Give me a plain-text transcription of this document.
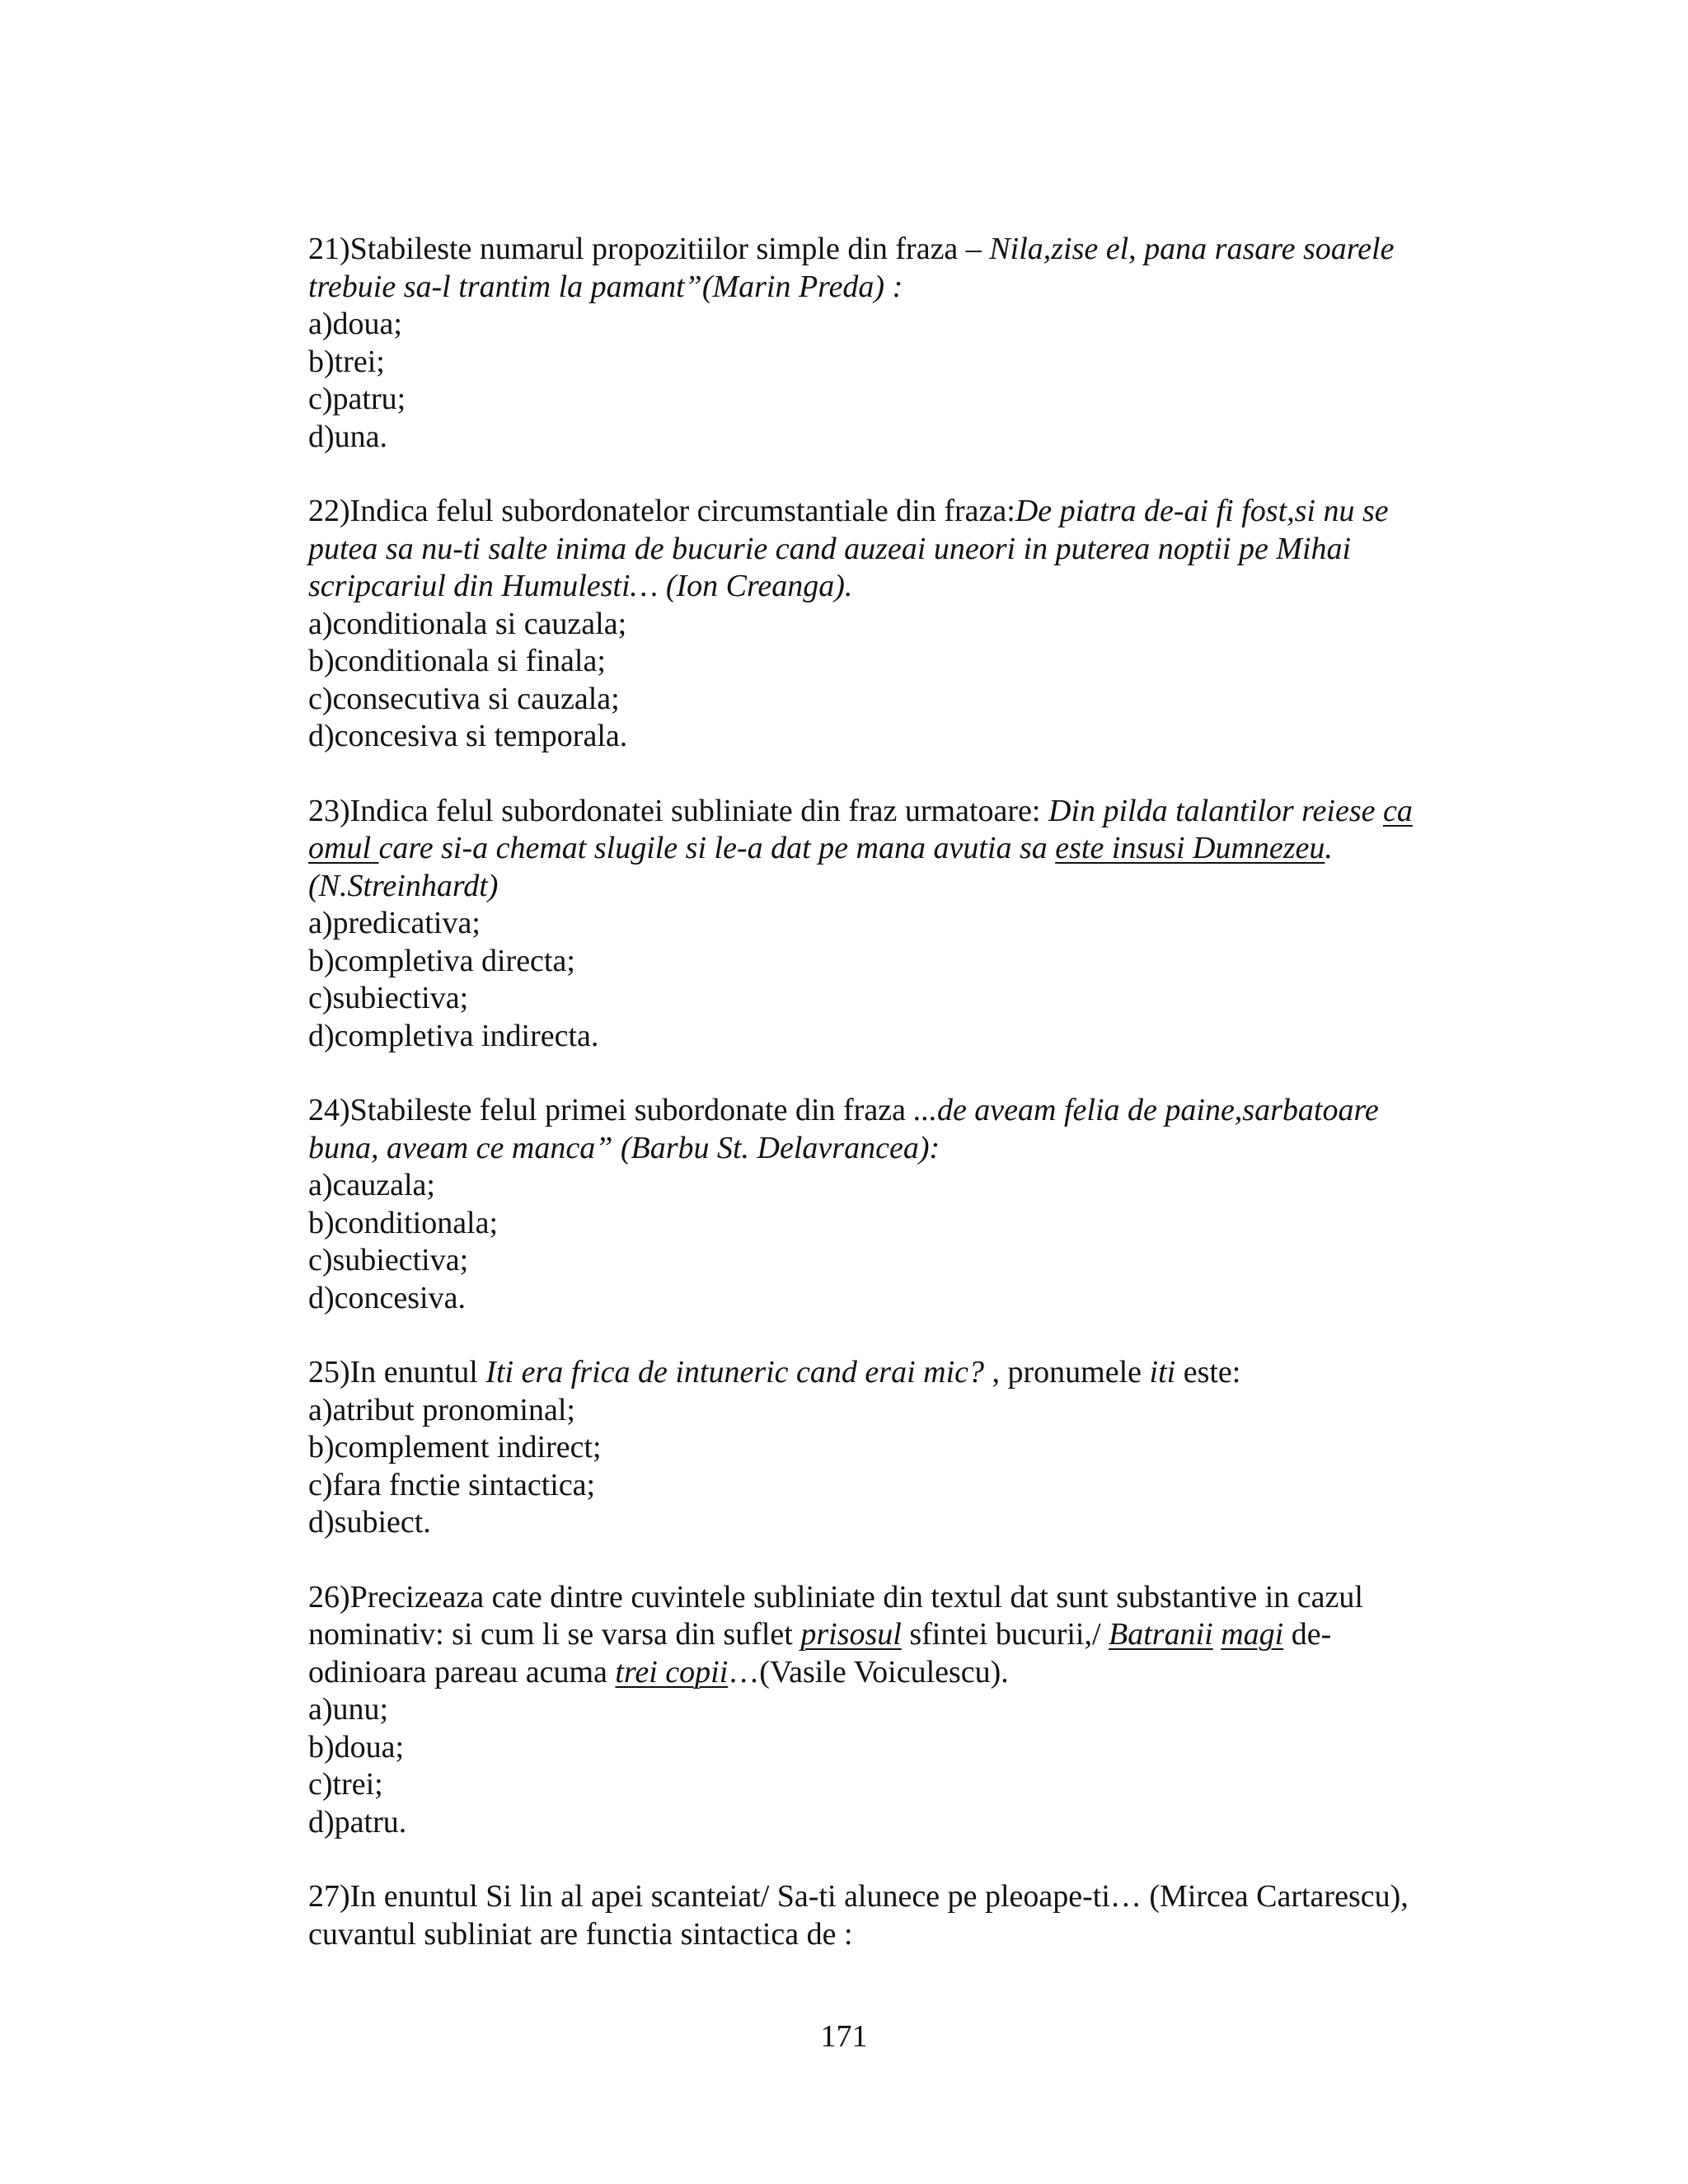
21)Stabileste numarul propozitiilor simple din fraza – Nila,zise el, pana rasare soarele
trebuie sa-l trantim la pamant”(Marin Preda) :
a)doua;
b)trei;
c)patru;
d)una.
22)Indica felul subordonatelor circumstantiale din fraza:De piatra de-ai fi fost,si nu se
putea sa nu-ti salte inima de bucurie cand auzeai uneori in puterea noptii pe Mihai
scripcariul din Humulesti… (Ion Creanga).
a)conditionala si cauzala;
b)conditionala si finala;
c)consecutiva si cauzala;
d)concesiva si temporala.
23)Indica felul subordonatei subliniate din fraz urmatoare: Din pilda talantilor reiese ca
omul care si-a chemat slugile si le-a dat pe mana avutia sa este insusi Dumnezeu.
(N.Streinhardt)
a)predicativa;
b)completiva directa;
c)subiectiva;
d)completiva indirecta.
24)Stabileste felul primei subordonate din fraza ...de aveam felia de paine,sarbatoare
buna, aveam ce manca” (Barbu St. Delavrancea):
a)cauzala;
b)conditionala;
c)subiectiva;
d)concesiva.
25)In enuntul Iti era frica de intuneric cand erai mic? , pronumele iti este:
a)atribut pronominal;
b)complement indirect;
c)fara fnctie sintactica;
d)subiect.
26)Precizeaza cate dintre cuvintele subliniate din textul dat sunt substantive in cazul
nominativ: si cum li se varsa din suflet prisosul sfintei bucurii,/ Batranii magi de-
odinioara pareau acuma trei copii…(Vasile Voiculescu).
a)unu;
b)doua;
c)trei;
d)patru.
27)In enuntul Si lin al apei scanteiat/ Sa-ti alunece pe pleoape-ti… (Mircea Cartarescu),
cuvantul subliniat are functia sintactica de :
171
